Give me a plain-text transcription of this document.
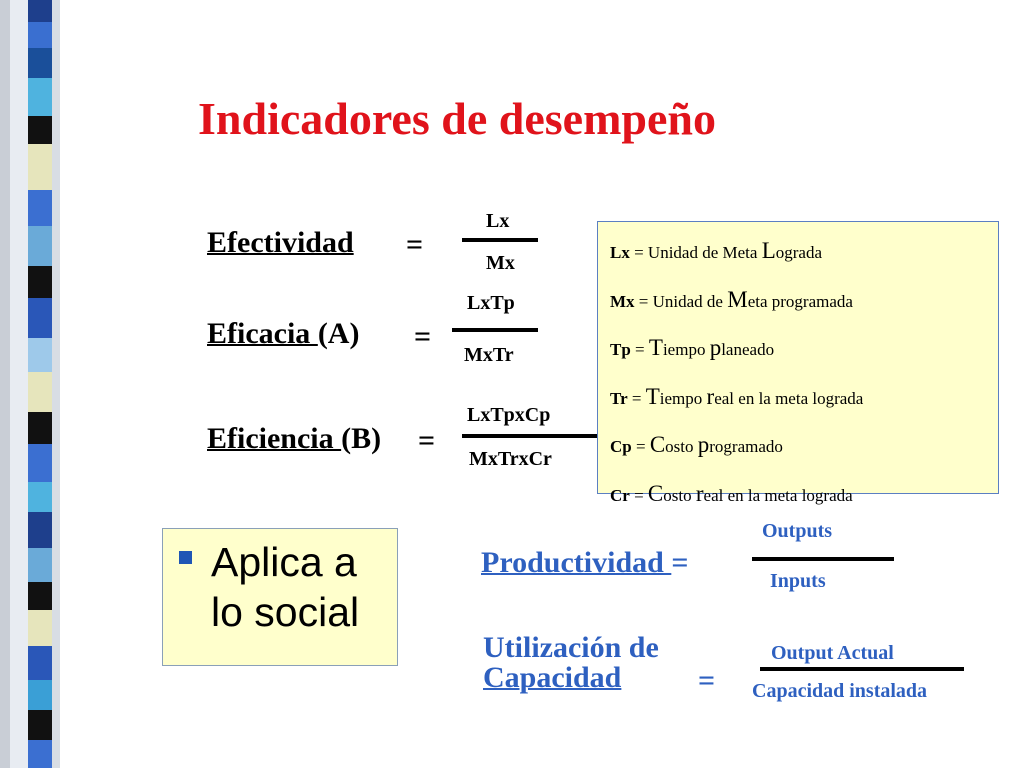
Indicadores de desempeño
Efectividad =
Lx
Mx
Eficacia (A) =
LxTp
MxTr
Eficiencia (B) =
LxTpxCp
MxTrxCr
Lx = Unidad de Meta Lograda
Mx = Unidad de Meta programada
Tp = Tiempo planeado
Tr = Tiempo real en la meta lograda
Cp = Costo programado
Cr = Costo real en la meta lograda
Aplica a
lo social
Productividad =
Outputs
Inputs
Utilización de
Capacidad	=
Output Actual
Capacidad instalada
